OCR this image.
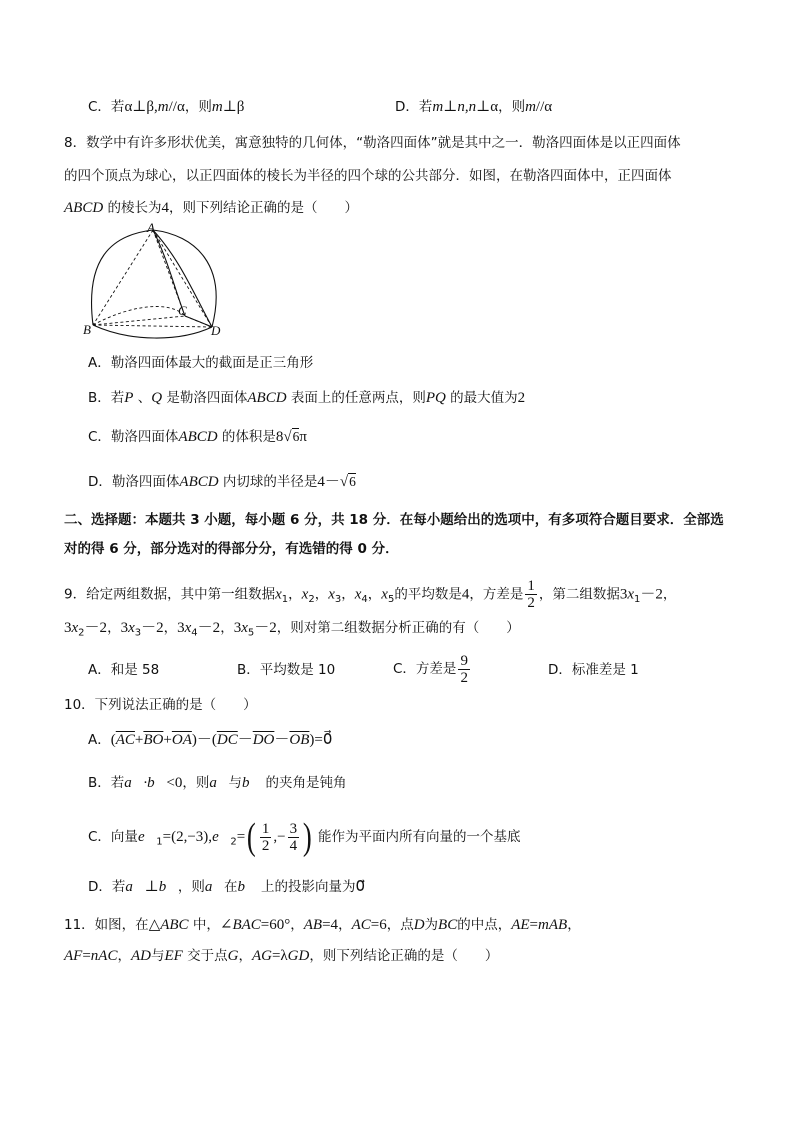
C．若α⊥β,m//α，则m⊥β	D．若m⊥n,n⊥α，则m//α
8．数学中有许多形状优美，寓意独特的几何体，“勒洛四面体”就是其中之一．勒洛四面体是以正四面体
的四个顶点为球心，以正四面体的棱长为半径的四个球的公共部分．如图，在勒洛四面体中，正四面体
ABCD 的棱长为4，则下列结论正确的是（　　）
A
B
C
D
A．勒洛四面体最大的截面是正三角形
B．若P 、Q 是勒洛四面体ABCD 表面上的任意两点，则PQ 的最大值为2
C．勒洛四面体ABCD 的体积是8√6π
D．勒洛四面体ABCD 内切球的半径是4－√6
二、选择题：本题共 3 小题，每小题 6 分，共 18 分．在每小题给出的选项中，有多项符合题目要求．全部选
对的得 6 分，部分选对的得部分分，有选错的得 0 分．
9．给定两组数据，其中第一组数据$x_1$，$x_2$，$x_3$，$x_4$，$x_5$的平均数是4，方差是 $\frac{1}{2}$ ，第二组数据$3x_1-2$，
$3x_2-2$，$3x_3-2$，$3x_4-2$，$3x_5-2$，则对第二组数据分析正确的有（　　）
A．和是 58	B．平均数是 10	C．方差是 $\frac{9}{2}$	D．标准差是 1
10．下列说法正确的是（　　）
A．$(\overline{AC}+\overline{BO}+\overline{OA})-(\overline{DC}-\overline{DO}-\overline{OB})=0⃗$
B．若a⃗·b⃗<0，则a⃗与b⃗ 的夹角是钝角
C．向量$e⃗_1=(2,-3),e⃗_2=( \frac{1}{2}$ ,− $\frac{3}{4}$ ) 能作为平面内所有向量的一个基底
D．若a⃗⊥b⃗，则a⃗在b⃗ 上的投影向量为0⃗
11．如图，在△ABC 中，∠BAC=60°，AB=4，AC=6，点D为BC的中点，AE=mAB，
AF=nAC，AD与EF 交于点G，AG=λGD，则下列结论正确的是（　　）
